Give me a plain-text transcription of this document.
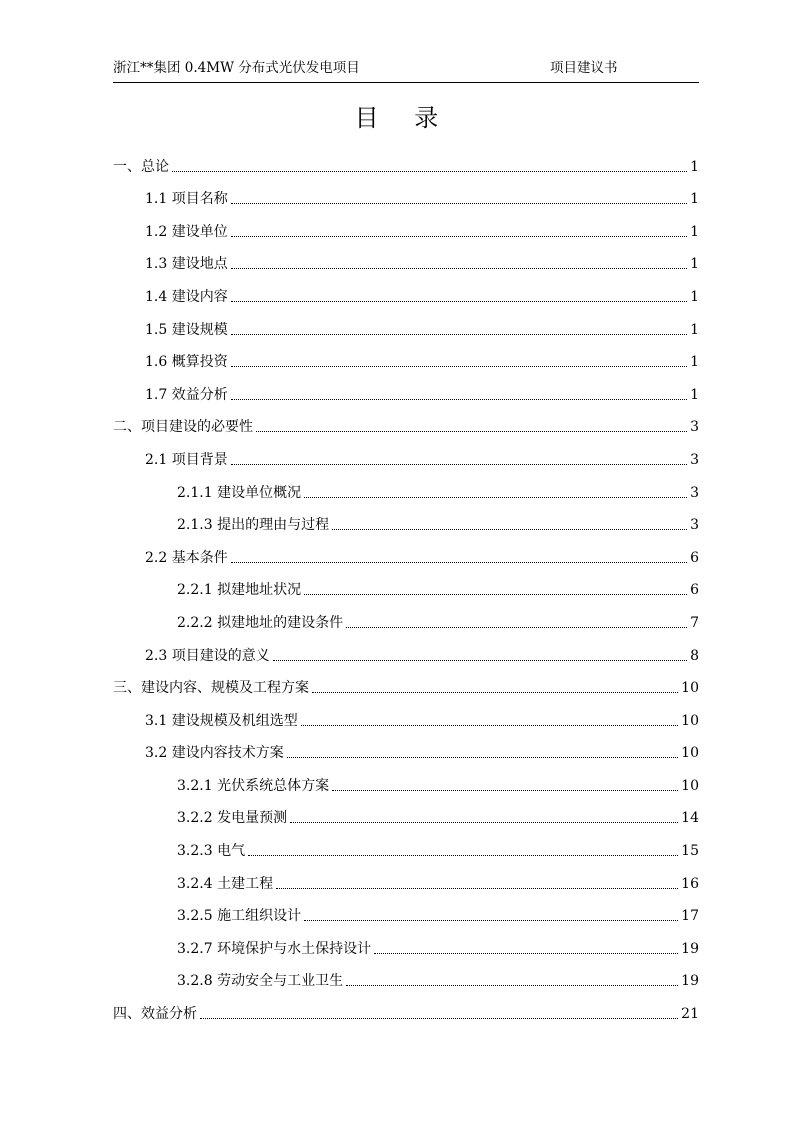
浙江**集团 0.4MW 分布式光伏发电项目	项目建议书
目 录
一、总论	1
1.1 项目名称	1
1.2 建设单位	1
1.3 建设地点	1
1.4 建设内容	1
1.5 建设规模	1
1.6 概算投资	1
1.7 效益分析	1
二、项目建设的必要性	3
2.1 项目背景	3
2.1.1 建设单位概况	3
2.1.3 提出的理由与过程	3
2.2 基本条件	6
2.2.1 拟建地址状况	6
2.2.2 拟建地址的建设条件	7
2.3 项目建设的意义	8
三、建设内容、规模及工程方案	10
3.1 建设规模及机组选型	10
3.2 建设内容技术方案	10
3.2.1 光伏系统总体方案	10
3.2.2 发电量预测	14
3.2.3 电气	15
3.2.4 土建工程	16
3.2.5 施工组织设计	17
3.2.7 环境保护与水土保持设计	19
3.2.8 劳动安全与工业卫生	19
四、效益分析	21
